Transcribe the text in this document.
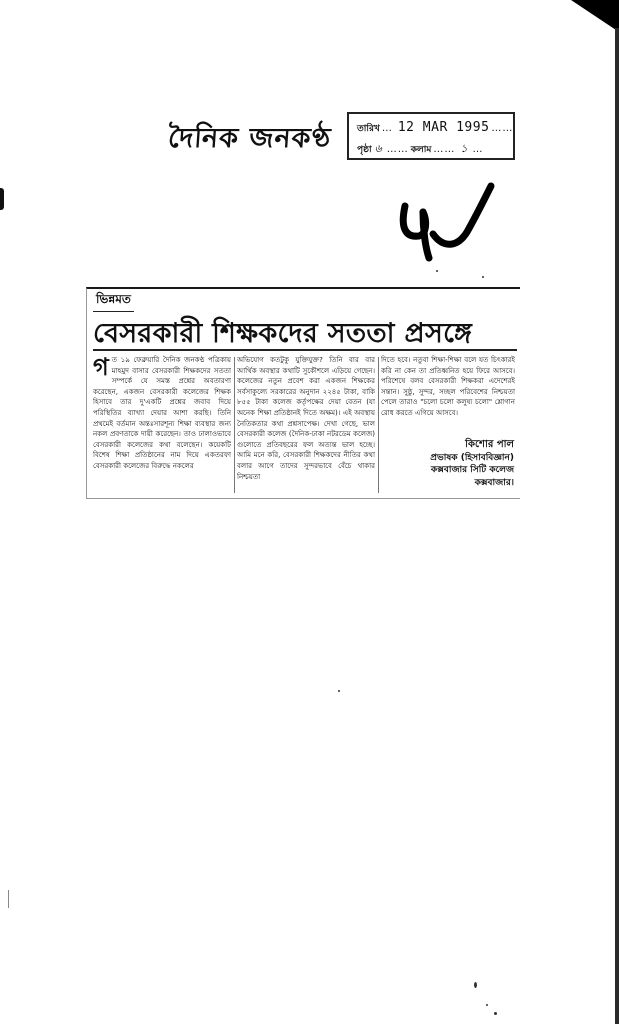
দৈনিক জনকণ্ঠ	তারিখ … 12 MAR 1995 ……
পৃষ্ঠা ৬ …… কলাম …… ১ …
৫২
ভিন্নমত
বেসরকারী শিক্ষকদের সততা প্রসঙ্গে

গত ১৯ ফেব্রুয়ারি দৈনিক জনকণ্ঠ পত্রিকায় মাহমুদ বাসার বেসরকারী শিক্ষকদের সততা সম্পর্কে যে সমস্ত প্রশ্নের অবতারণা করেছেন, একজন বেসরকারী কলেজের শিক্ষক হিসাবে তার দু'একটি প্রশ্নের জবাব দিয়ে পরিস্থিতির ব্যাখ্যা দেয়ার আশা করছি। তিনি প্রথমেই বর্তমান অন্তঃসারশূন্য শিক্ষা ব্যবস্থার জন্য নকল প্রবণতাকে দায়ী করেছেন। তাও ঢালাওভাবে বেসরকারী কলেজের কথা বলেছেন। কয়েকটি বিশেষ শিক্ষা প্রতিষ্ঠানের নাম দিয়ে একতরফা বেসরকারী কলেজের বিরুদ্ধে নকলের

অভিযোগ কতটুকু যুক্তিযুক্ত? তিনি বার বার আর্থিক অবস্থার কথাটি সুকৌশলে এড়িয়ে গেছেন। কলেজের নতুন প্রবেশ করা একজন শিক্ষকের সর্বসাকুল্যে সরকারের অনুদান ২২৪৫ টাকা, বাকি ৮৫৫ টাকা কলেজ কর্তৃপক্ষের দেয়া বেতন (যা অনেক শিক্ষা প্রতিষ্ঠানই দিতে অক্ষম)। এই অবস্থায় নৈতিকতার কথা প্রশ্নসাপেক্ষ। দেখা গেছে, ভাল বেসরকারী কলেজ (দৈনিক-ঢাকা নটরডেম কলেজ) গুলোতে প্রতিবছরের ফল অত্যন্ত ভাল হচ্ছে। আমি মনে করি, বেসরকারী শিক্ষকদের নীতির কথা বলার আগে তাদের সুন্দরভাবে বেঁচে থাকার নিশ্চয়তা

দিতে হবে। নতুবা শিক্ষা-শিক্ষা বলে যত চিৎকারই করি না কেন তা প্রতিধ্বনিত হয়ে ফিরে আসবে। পরিশেষে বলব বেসরকারী শিক্ষকরা এদেশেরই সন্তান। সুষ্ঠু, সুন্দর, সচ্ছল পরিবেশের নিশ্চয়তা পেলে তারাও "চলো চলো কলুষ্য চলো" শ্লোগান রোধ করতে এগিয়ে আসবে।

কিশোর পাল
প্রভাষক (হিসাববিজ্ঞান)
কক্সবাজার সিটি কলেজ
কক্সবাজার।
